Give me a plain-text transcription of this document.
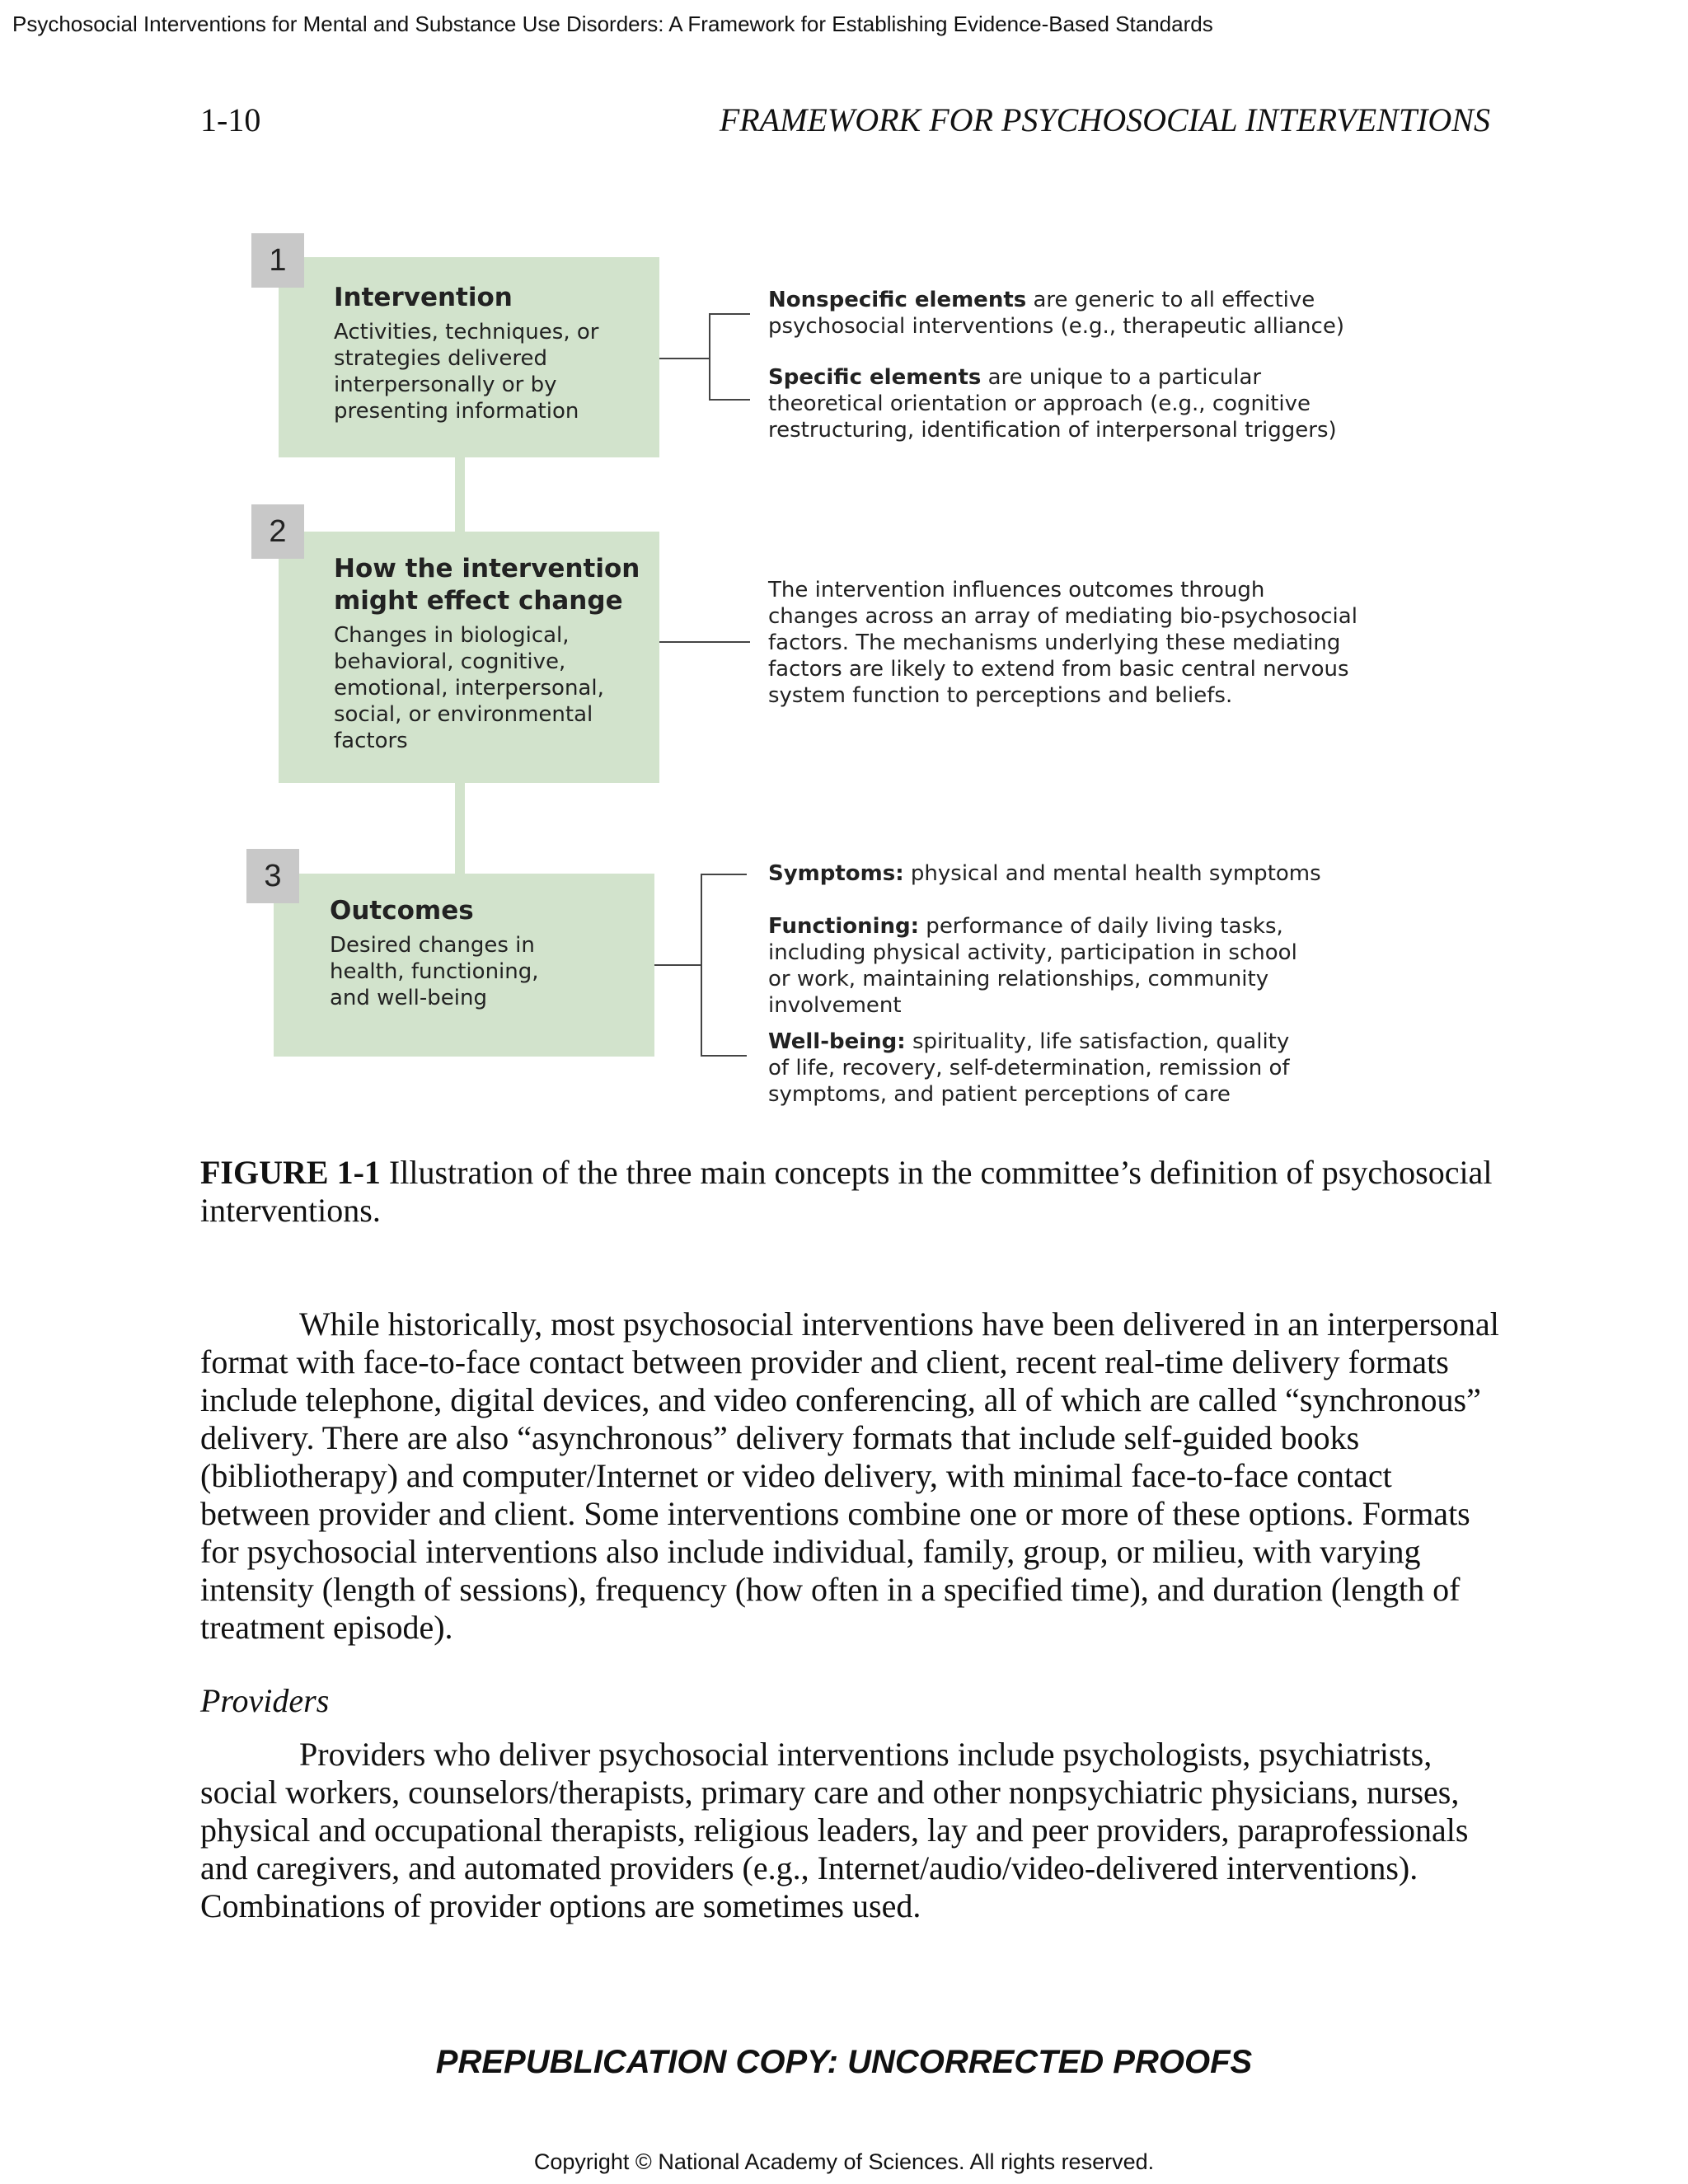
Psychosocial Interventions for Mental and Substance Use Disorders: A Framework for Establishing Evidence-Based Standards
1-10	FRAMEWORK FOR PSYCHOSOCIAL INTERVENTIONS
Intervention
Activities, techniques, or
strategies delivered
interpersonally or by
presenting information
1
Nonspecific elements are generic to all effective
psychosocial interventions (e.g., therapeutic alliance)
Specific elements are unique to a particular
theoretical orientation or approach (e.g., cognitive
restructuring, identification of interpersonal triggers)
How the intervention
might effect change
Changes in biological,
behavioral, cognitive,
emotional, interpersonal,
social, or environmental
factors
2
The intervention influences outcomes through
changes across an array of mediating bio-psychosocial
factors. The mechanisms underlying these mediating
factors are likely to extend from basic central nervous
system function to perceptions and beliefs.
Outcomes
Desired changes in
health, functioning,
and well-being
3	Symptoms: physical and mental health symptoms
Functioning: performance of daily living tasks,
including physical activity, participation in school
or work, maintaining relationships, community
involvement
Well-being: spirituality, life satisfaction, quality
of life, recovery, self-determination, remission of
symptoms, and patient perceptions of care
FIGURE 1-1 Illustration of the three main concepts in the committee’s definition of psychosocial interventions.
While historically, most psychosocial interventions have been delivered in an interpersonal format with face-to-face contact between provider and client, recent real-time delivery formats include telephone, digital devices, and video conferencing, all of which are called “synchronous” delivery. There are also “asynchronous” delivery formats that include self-guided books (bibliotherapy) and computer/Internet or video delivery, with minimal face-to-face contact between provider and client. Some interventions combine one or more of these options. Formats for psychosocial interventions also include individual, family, group, or milieu, with varying intensity (length of sessions), frequency (how often in a specified time), and duration (length of treatment episode).
Providers
Providers who deliver psychosocial interventions include psychologists, psychiatrists, social workers, counselors/therapists, primary care and other nonpsychiatric physicians, nurses, physical and occupational therapists, religious leaders, lay and peer providers, paraprofessionals and caregivers, and automated providers (e.g., Internet/audio/video-delivered interventions). Combinations of provider options are sometimes used.
PREPUBLICATION COPY: UNCORRECTED PROOFS
Copyright © National Academy of Sciences. All rights reserved.
